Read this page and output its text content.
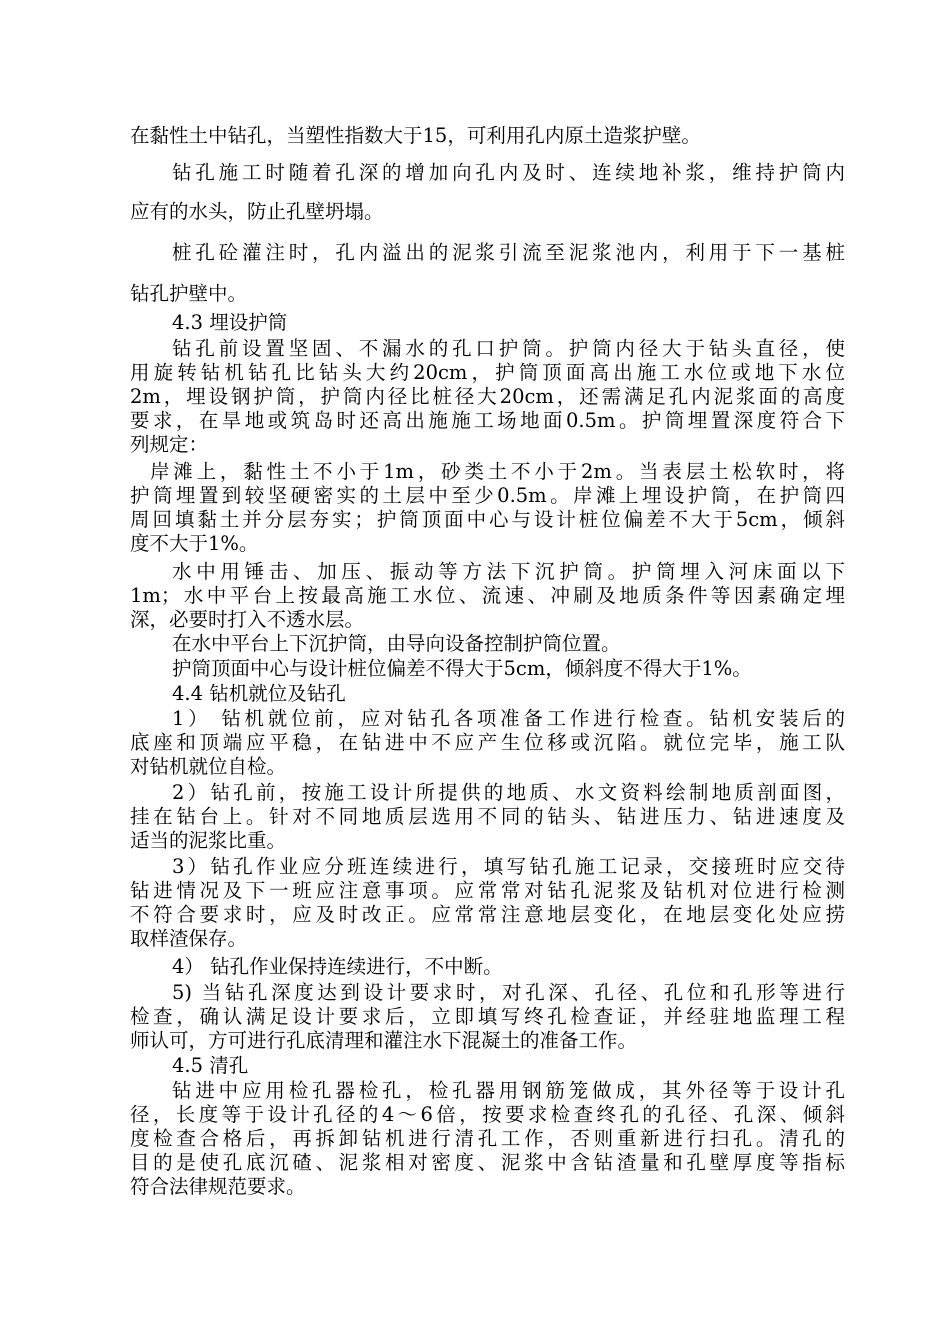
在黏性土中钻孔，当塑性指数大于15，可利用孔内原土造浆护壁。
钻孔施工时随着孔深的增加向孔内及时、连续地补浆，维持护筒内
应有的水头，防止孔壁坍塌。
桩孔砼灌注时，孔内溢出的泥浆引流至泥浆池内，利用于下一基桩
钻孔护壁中。
4.3 埋设护筒
钻孔前设置坚固、不漏水的孔口护筒。护筒内径大于钻头直径，使
用旋转钻机钻孔比钻头大约20cm，护筒顶面高出施工水位或地下水位
2m，埋设钢护筒，护筒内径比桩径大20cm，还需满足孔内泥浆面的高度
要求，在旱地或筑岛时还高出施施工场地面0.5m。护筒埋置深度符合下
列规定：
岸滩上，黏性土不小于1m，砂类土不小于2m。当表层土松软时，将
护筒埋置到较坚硬密实的土层中至少0.5m。岸滩上埋设护筒，在护筒四
周回填黏土并分层夯实；护筒顶面中心与设计桩位偏差不大于5cm，倾斜
度不大于1%。
水中用锤击、加压、振动等方法下沉护筒。护筒埋入河床面以下
1m；水中平台上按最高施工水位、流速、冲刷及地质条件等因素确定埋
深，必要时打入不透水层。
在水中平台上下沉护筒，由导向设备控制护筒位置。
护筒顶面中心与设计桩位偏差不得大于5cm，倾斜度不得大于1%。
4.4 钻机就位及钻孔
1） 钻机就位前，应对钻孔各项准备工作进行检查。钻机安装后的
底座和顶端应平稳，在钻进中不应产生位移或沉陷。就位完毕，施工队
对钻机就位自检。
2）钻孔前，按施工设计所提供的地质、水文资料绘制地质剖面图，
挂在钻台上。针对不同地质层选用不同的钻头、钻进压力、钻进速度及
适当的泥浆比重。
3）钻孔作业应分班连续进行，填写钻孔施工记录，交接班时应交待
钻进情况及下一班应注意事项。应常常对钻孔泥浆及钻机对位进行检测
不符合要求时，应及时改正。应常常注意地层变化，在地层变化处应捞
取样渣保存。
4） 钻孔作业保持连续进行，不中断。
5) 当钻孔深度达到设计要求时，对孔深、孔径、孔位和孔形等进行
检查，确认满足设计要求后，立即填写终孔检查证，并经驻地监理工程
师认可，方可进行孔底清理和灌注水下混凝土的准备工作。
4.5 清孔
钻进中应用检孔器检孔，检孔器用钢筋笼做成，其外径等于设计孔
径，长度等于设计孔径的4～6倍，按要求检查终孔的孔径、孔深、倾斜
度检查合格后，再拆卸钻机进行清孔工作，否则重新进行扫孔。清孔的
目的是使孔底沉碴、泥浆相对密度、泥浆中含钻渣量和孔壁厚度等指标
符合法律规范要求。
